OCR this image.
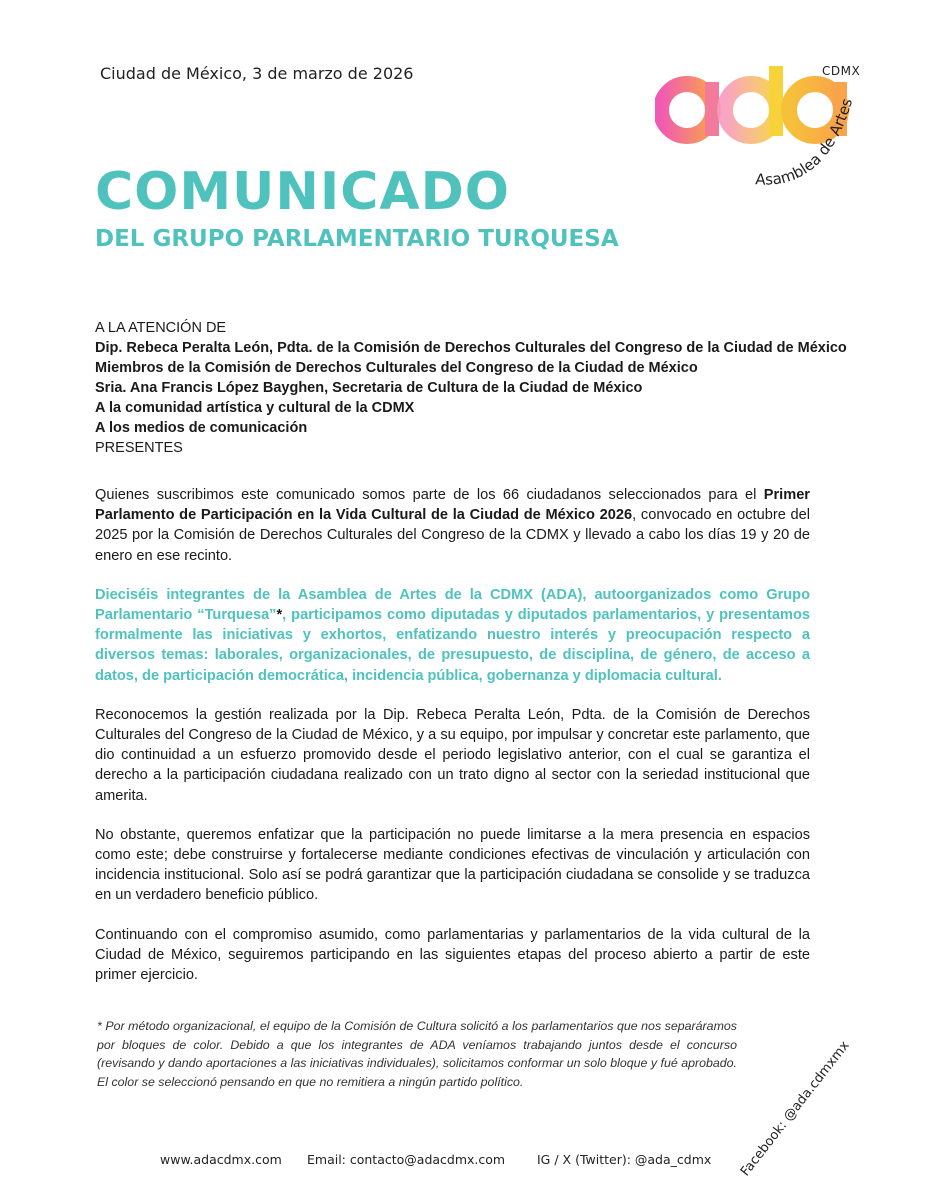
Ciudad de México, 3 de marzo de 2026	CDMX
Asamblea de Artes
COMUNICADO
DEL GRUPO PARLAMENTARIO TURQUESA
A LA ATENCIÓN DE
Dip. Rebeca Peralta León, Pdta. de la Comisión de Derechos Culturales del Congreso de la Ciudad de México
Miembros de la Comisión de Derechos Culturales del Congreso de la Ciudad de México
Sria. Ana Francis López Bayghen, Secretaria de Cultura de la Ciudad de México
A la comunidad artística y cultural de la CDMX
A los medios de comunicación
PRESENTES

Quienes suscribimos este comunicado somos parte de los 66 ciudadanos seleccionados para el Primer Parlamento de Participación en la Vida Cultural de la Ciudad de México 2026, convocado en octubre del 2025 por la Comisión de Derechos Culturales del Congreso de la CDMX y llevado a cabo los días 19 y 20 de enero en ese recinto.

Dieciséis integrantes de la Asamblea de Artes de la CDMX (ADA), autoorganizados como Grupo Parlamentario “Turquesa”*, participamos como diputadas y diputados parlamentarios, y presentamos formalmente las iniciativas y exhortos, enfatizando nuestro interés y preocupación respecto a diversos temas: laborales, organizacionales, de presupuesto, de disciplina, de género, de acceso a datos, de participación democrática, incidencia pública, gobernanza y diplomacia cultural.

Reconocemos la gestión realizada por la Dip. Rebeca Peralta León, Pdta. de la Comisión de Derechos Culturales del Congreso de la Ciudad de México, y a su equipo, por impulsar y concretar este parlamento, que dio continuidad a un esfuerzo promovido desde el periodo legislativo anterior, con el cual se garantiza el derecho a la participación ciudadana realizado con un trato digno al sector con la seriedad institucional que amerita.

No obstante, queremos enfatizar que la participación no puede limitarse a la mera presencia en espacios como este; debe construirse y fortalecerse mediante condiciones efectivas de vinculación y articulación con incidencia institucional. Solo así se podrá garantizar que la participación ciudadana se consolide y se traduzca en un verdadero beneficio público.

Continuando con el compromiso asumido, como parlamentarias y parlamentarios de la vida cultural de la Ciudad de México, seguiremos participando en las siguientes etapas del proceso abierto a partir de este primer ejercicio.

* Por método organizacional, el equipo de la Comisión de Cultura solicitó a los parlamentarios que nos separáramos por bloques de color. Debido a que los integrantes de ADA veníamos trabajando juntos desde el concurso (revisando y dando aportaciones a las iniciativas individuales), solicitamos conformar un solo bloque y fué aprobado. El color se seleccionó pensando en que no remitiera a ningún partido político.
www.adacdmx.com Email: contacto@adacdmx.com	IG / X (Twitter): @ada_cdmx Facebook: @ada.cdmxmx
